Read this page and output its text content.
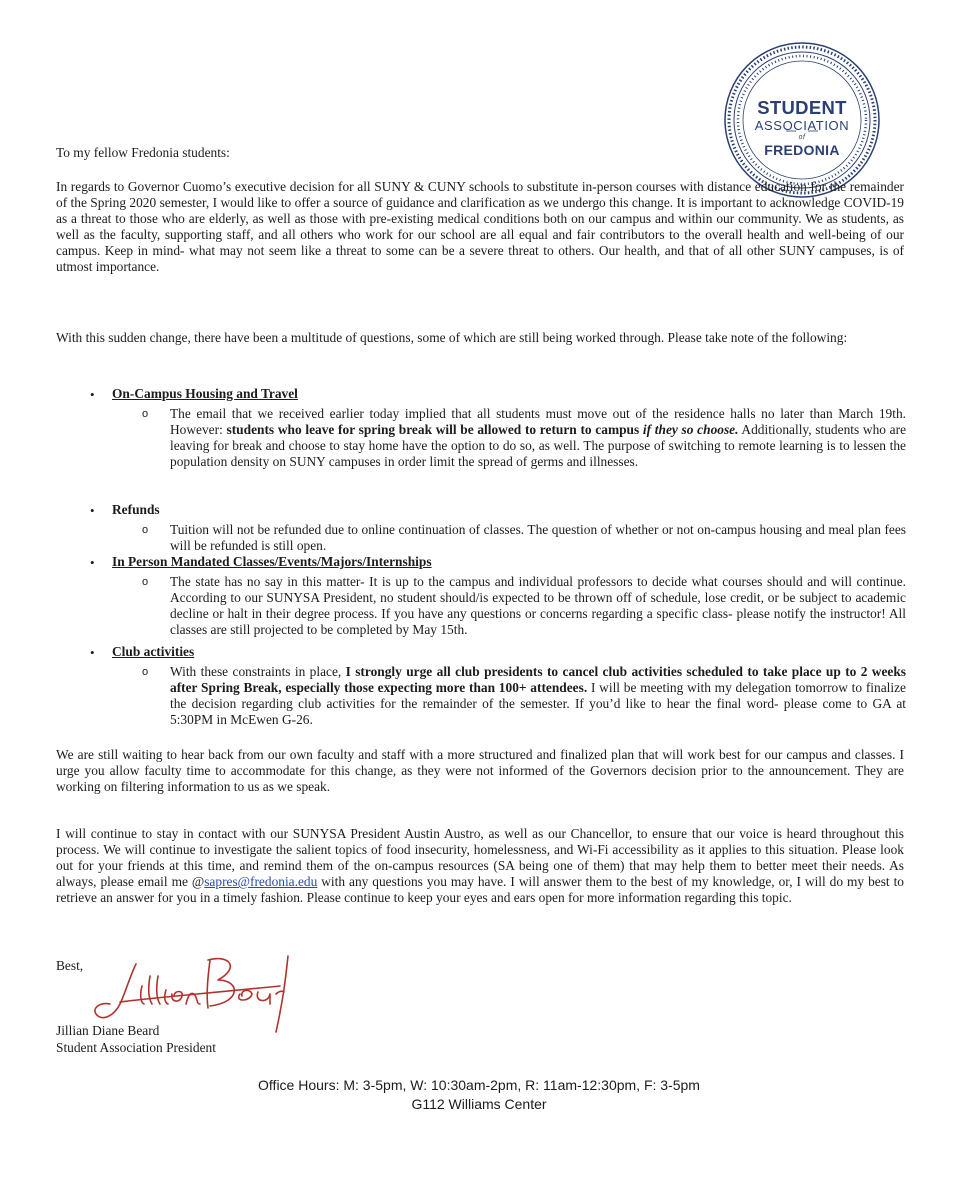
STUDENT
ASSOCIATION
of
FREDONIA
To my fellow Fredonia students:
In regards to Governor Cuomo’s executive decision for all SUNY & CUNY schools to substitute in-person courses with distance education for the remainder of the Spring 2020 semester, I would like to offer a source of guidance and clarification as we undergo this change. It is important to acknowledge COVID-19 as a threat to those who are elderly, as well as those with pre-existing medical conditions both on our campus and within our community. We as students, as well as the faculty, supporting staff, and all others who work for our school are all equal and fair contributors to the overall health and well-being of our campus. Keep in mind- what may not seem like a threat to some can be a severe threat to others. Our health, and that of all other SUNY campuses, is of utmost importance.
With this sudden change, there have been a multitude of questions, some of which are still being worked through. Please take note of the following:
• On-Campus Housing and Travel
o The email that we received earlier today implied that all students must move out of the residence halls no later than March 19th. However: students who leave for spring break will be allowed to return to campus if they so choose. Additionally, students who are leaving for break and choose to stay home have the option to do so, as well. The purpose of switching to remote learning is to lessen the population density on SUNY campuses in order limit the spread of germs and illnesses.
• Refunds
o Tuition will not be refunded due to online continuation of classes. The question of whether or not on-campus housing and meal plan fees will be refunded is still open.
• In Person Mandated Classes/Events/Majors/Internships
o The state has no say in this matter- It is up to the campus and individual professors to decide what courses should and will continue. According to our SUNYSA President, no student should/is expected to be thrown off of schedule, lose credit, or be subject to academic decline or halt in their degree process. If you have any questions or concerns regarding a specific class- please notify the instructor! All classes are still projected to be completed by May 15th.
• Club activities
o With these constraints in place, I strongly urge all club presidents to cancel club activities scheduled to take place up to 2 weeks after Spring Break, especially those expecting more than 100+ attendees. I will be meeting with my delegation tomorrow to finalize the decision regarding club activities for the remainder of the semester. If you’d like to hear the final word- please come to GA at 5:30PM in McEwen G-26.
We are still waiting to hear back from our own faculty and staff with a more structured and finalized plan that will work best for our campus and classes. I urge you allow faculty time to accommodate for this change, as they were not informed of the Governors decision prior to the announcement. They are working on filtering information to us as we speak.
I will continue to stay in contact with our SUNYSA President Austin Austro, as well as our Chancellor, to ensure that our voice is heard throughout this process. We will continue to investigate the salient topics of food insecurity, homelessness, and Wi-Fi accessibility as it applies to this situation. Please look out for your friends at this time, and remind them of the on-campus resources (SA being one of them) that may help them to better meet their needs. As always, please email me @sapres@fredonia.edu with any questions you may have. I will answer them to the best of my knowledge, or, I will do my best to retrieve an answer for you in a timely fashion. Please continue to keep your eyes and ears open for more information regarding this topic.
Best,
Jillian Diane Beard
Student Association President
Office Hours: M: 3-5pm, W: 10:30am-2pm, R: 11am-12:30pm, F: 3-5pm
G112 Williams Center
